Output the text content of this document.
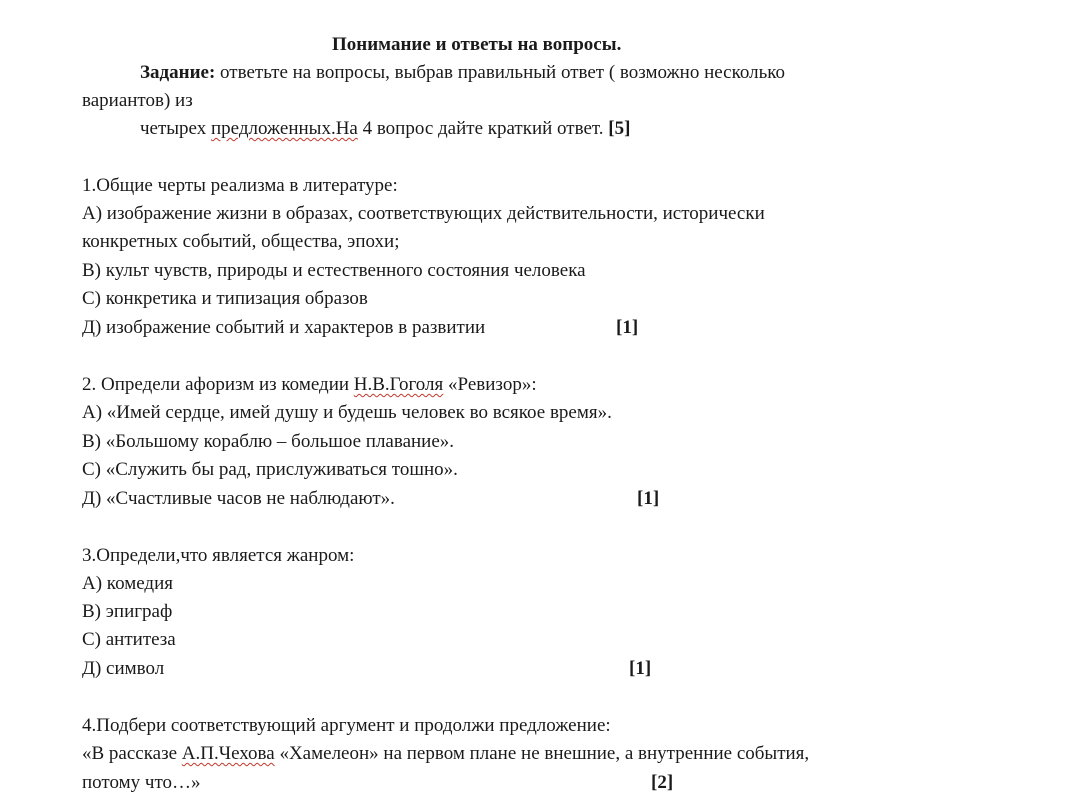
Понимание и ответы на вопросы.
Задание: ответьте на вопросы, выбрав правильный ответ ( возможно несколько
вариантов) из
четырех предложенных.На 4 вопрос дайте краткий ответ. [5]
1.Общие черты реализма в литературе:
А) изображение жизни в образах, соответствующих действительности, исторически
конкретных событий, общества, эпохи;
В) культ чувств, природы и естественного состояния человека
С) конкретика и типизация образов
Д) изображение событий и характеров в развитии	[1]
2. Определи афоризм из комедии Н.В.Гоголя «Ревизор»:
А) «Имей сердце, имей душу и будешь человек во всякое время».
В) «Большому кораблю – большое плавание».
С) «Служить бы рад, прислуживаться тошно».
Д) «Счастливые часов не наблюдают».	[1]
3.Определи,что является жанром:
А) комедия
В) эпиграф
С) антитеза
Д) символ	[1]
4.Подбери соответствующий аргумент и продолжи предложение:
«В рассказе А.П.Чехова «Хамелеон» на первом плане не внешние, а внутренние события,
потому что…»	[2]
